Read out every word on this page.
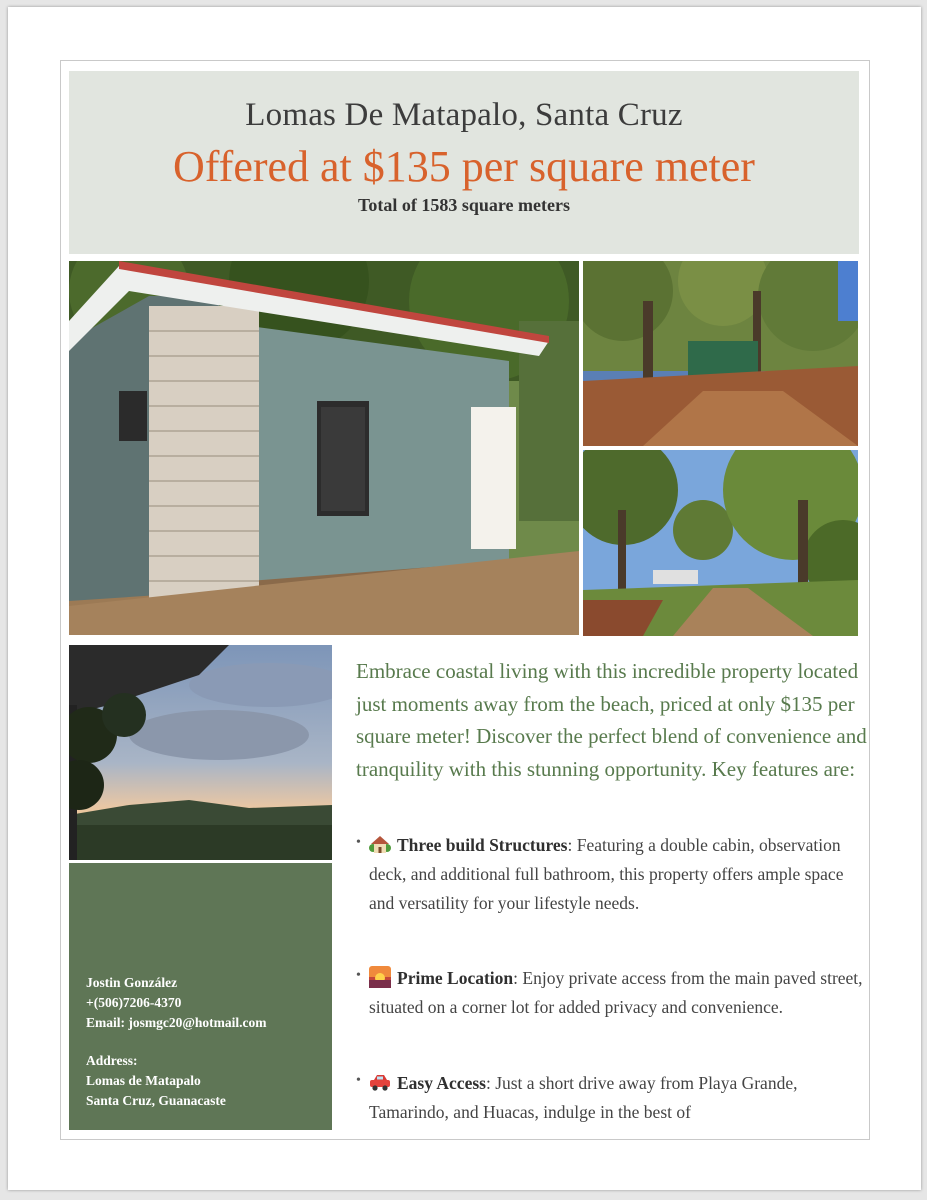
Lomas De Matapalo, Santa Cruz
Offered at $135 per square meter
Total of 1583 square meters
Jostin González
+(506)7206-4370
Email: josmgc20@hotmail.com
Address:
Lomas de Matapalo
Santa Cruz, Guanacaste
Embrace coastal living with this incredible property located just moments away from the beach, priced at only $135 per square meter! Discover the perfect blend of convenience and tranquility with this stunning opportunity. Key features are:
•	Three build Structures: Featuring a double cabin, observation deck, and additional full bathroom, this property offers ample space and versatility for your lifestyle needs.
•	Prime Location: Enjoy private access from the main paved street, situated on a corner lot for added privacy and convenience.
•	Easy Access: Just a short drive away from Playa Grande, Tamarindo, and Huacas, indulge in the best of
